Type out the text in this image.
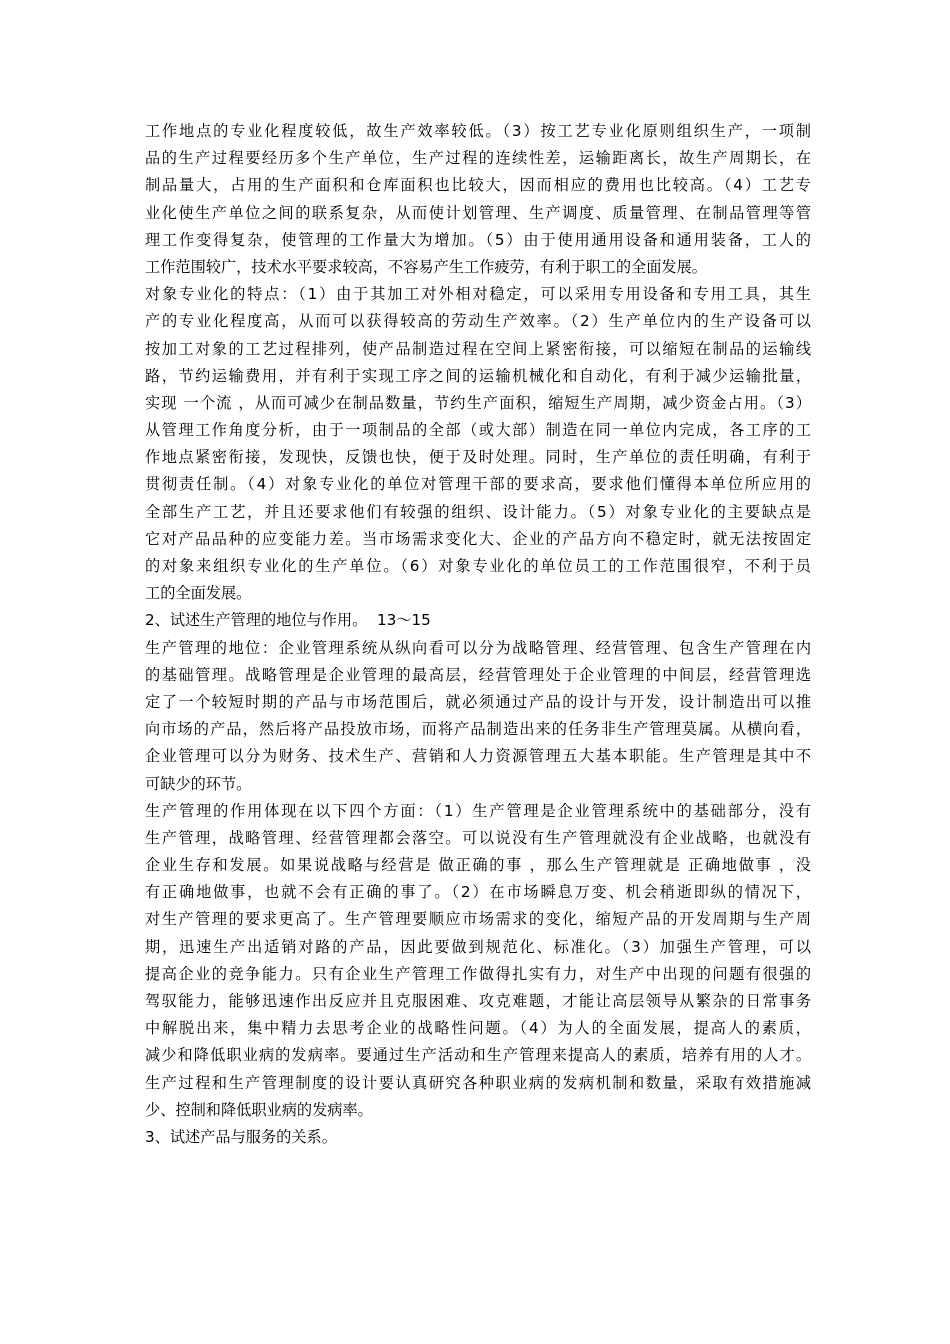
工作地点的专业化程度较低，故生产效率较低。（3）按工艺专业化原则组织生产，一项制
品的生产过程要经历多个生产单位，生产过程的连续性差，运输距离长，故生产周期长，在
制品量大，占用的生产面积和仓库面积也比较大，因而相应的费用也比较高。（4）工艺专
业化使生产单位之间的联系复杂，从而使计划管理、生产调度、质量管理、在制品管理等管
理工作变得复杂，使管理的工作量大为增加。（5）由于使用通用设备和通用装备，工人的
工作范围较广，技术水平要求较高，不容易产生工作疲劳，有利于职工的全面发展。
对象专业化的特点：（1）由于其加工对外相对稳定，可以采用专用设备和专用工具，其生
产的专业化程度高，从而可以获得较高的劳动生产效率。（2）生产单位内的生产设备可以
按加工对象的工艺过程排列，使产品制造过程在空间上紧密衔接，可以缩短在制品的运输线
路，节约运输费用，并有利于实现工序之间的运输机械化和自动化，有利于减少运输批量，
实现 一个流 ，从而可减少在制品数量，节约生产面积，缩短生产周期，减少资金占用。（3）
从管理工作角度分析，由于一项制品的全部（或大部）制造在同一单位内完成，各工序的工
作地点紧密衔接，发现快，反馈也快，便于及时处理。同时，生产单位的责任明确，有利于
贯彻责任制。（4）对象专业化的单位对管理干部的要求高，要求他们懂得本单位所应用的
全部生产工艺，并且还要求他们有较强的组织、设计能力。（5）对象专业化的主要缺点是
它对产品品种的应变能力差。当市场需求变化大、企业的产品方向不稳定时，就无法按固定
的对象来组织专业化的生产单位。（6）对象专业化的单位员工的工作范围很窄，不利于员
工的全面发展。
2、试述生产管理的地位与作用。  13～15
生产管理的地位：企业管理系统从纵向看可以分为战略管理、经营管理、包含生产管理在内
的基础管理。战略管理是企业管理的最高层，经营管理处于企业管理的中间层，经营管理选
定了一个较短时期的产品与市场范围后，就必须通过产品的设计与开发，设计制造出可以推
向市场的产品，然后将产品投放市场，而将产品制造出来的任务非生产管理莫属。从横向看，
企业管理可以分为财务、技术生产、营销和人力资源管理五大基本职能。生产管理是其中不
可缺少的环节。
生产管理的作用体现在以下四个方面：（1）生产管理是企业管理系统中的基础部分，没有
生产管理，战略管理、经营管理都会落空。可以说没有生产管理就没有企业战略，也就没有
企业生存和发展。如果说战略与经营是 做正确的事 ，那么生产管理就是 正确地做事 ，没
有正确地做事，也就不会有正确的事了。（2）在市场瞬息万变、机会稍逝即纵的情况下，
对生产管理的要求更高了。生产管理要顺应市场需求的变化，缩短产品的开发周期与生产周
期，迅速生产出适销对路的产品，因此要做到规范化、标准化。（3）加强生产管理，可以
提高企业的竞争能力。只有企业生产管理工作做得扎实有力，对生产中出现的问题有很强的
驾驭能力，能够迅速作出反应并且克服困难、攻克难题，才能让高层领导从繁杂的日常事务
中解脱出来，集中精力去思考企业的战略性问题。（4）为人的全面发展，提高人的素质，
减少和降低职业病的发病率。要通过生产活动和生产管理来提高人的素质，培养有用的人才。
生产过程和生产管理制度的设计要认真研究各种职业病的发病机制和数量，采取有效措施减
少、控制和降低职业病的发病率。
3、试述产品与服务的关系。
